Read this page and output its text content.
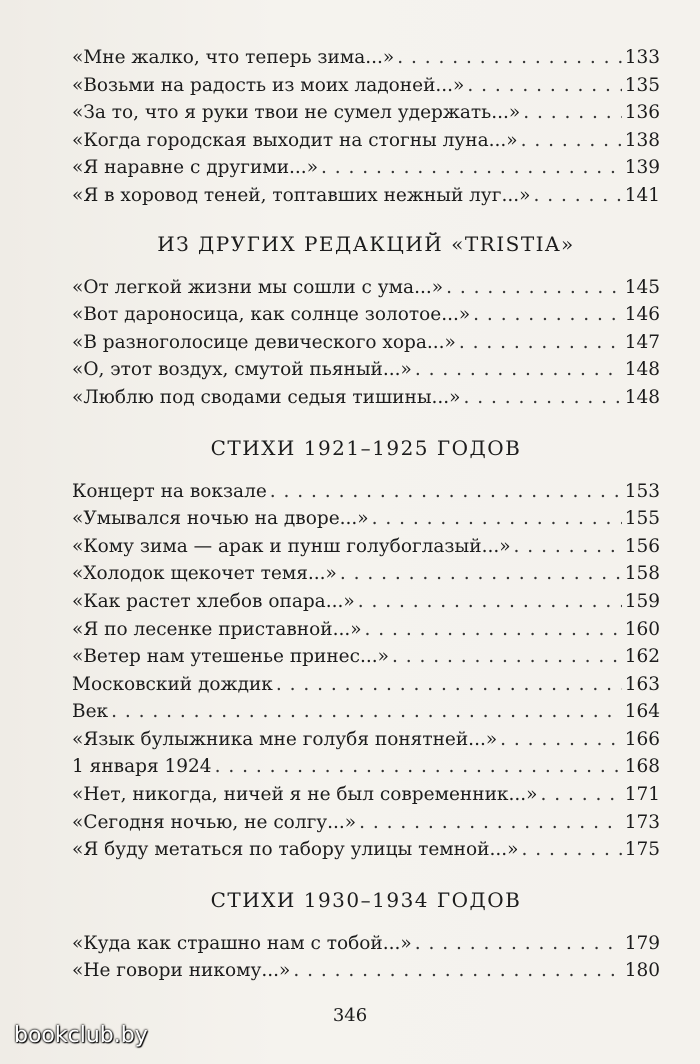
«Мне жалко, что теперь зима...» . . .	133
«Возьми на радость из моих ладоней...» . . .	135
«За то, что я руки твои не сумел удержать...» . . .	136
«Когда городская выходит на стогны луна...» . . .	138
«Я наравне с другими...» . . .	139
«Я в хоровод теней, топтавших нежный луг...» . . .	141
ИЗ ДРУГИХ РЕДАКЦИЙ «TRISTIA»
«От легкой жизни мы сошли с ума...» . . .	145
«Вот дароносица, как солнце золотое...» . . .	146
«В разноголосице девического хора...» . . .	147
«О, этот воздух, смутой пьяный...» . . .	148
«Люблю под сводами седыя тишины...» . . .	148
СТИХИ 1921–1925 ГОДОВ
Концерт на вокзале . . .	153
«Умывался ночью на дворе...» . . .	155
«Кому зима — арак и пунш голубоглазый...» . . .	156
«Холодок щекочет темя...» . . .	158
«Как растет хлебов опара...» . . .	159
«Я по лесенке приставной...» . . .	160
«Ветер нам утешенье принес...» . . .	162
Московский дождик . . .	163
Век . . .	164
«Язык булыжника мне голубя понятней...» . . .	166
1 января 1924 . . .	168
«Нет, никогда, ничей я не был современник...» . . .	171
«Сегодня ночью, не солгу...» . . .	173
«Я буду метаться по табору улицы темной...» . . .	175
СТИХИ 1930–1934 ГОДОВ
«Куда как страшно нам с тобой...» . . .	179
«Не говори никому...» . . .	180
346
bookclub.by
